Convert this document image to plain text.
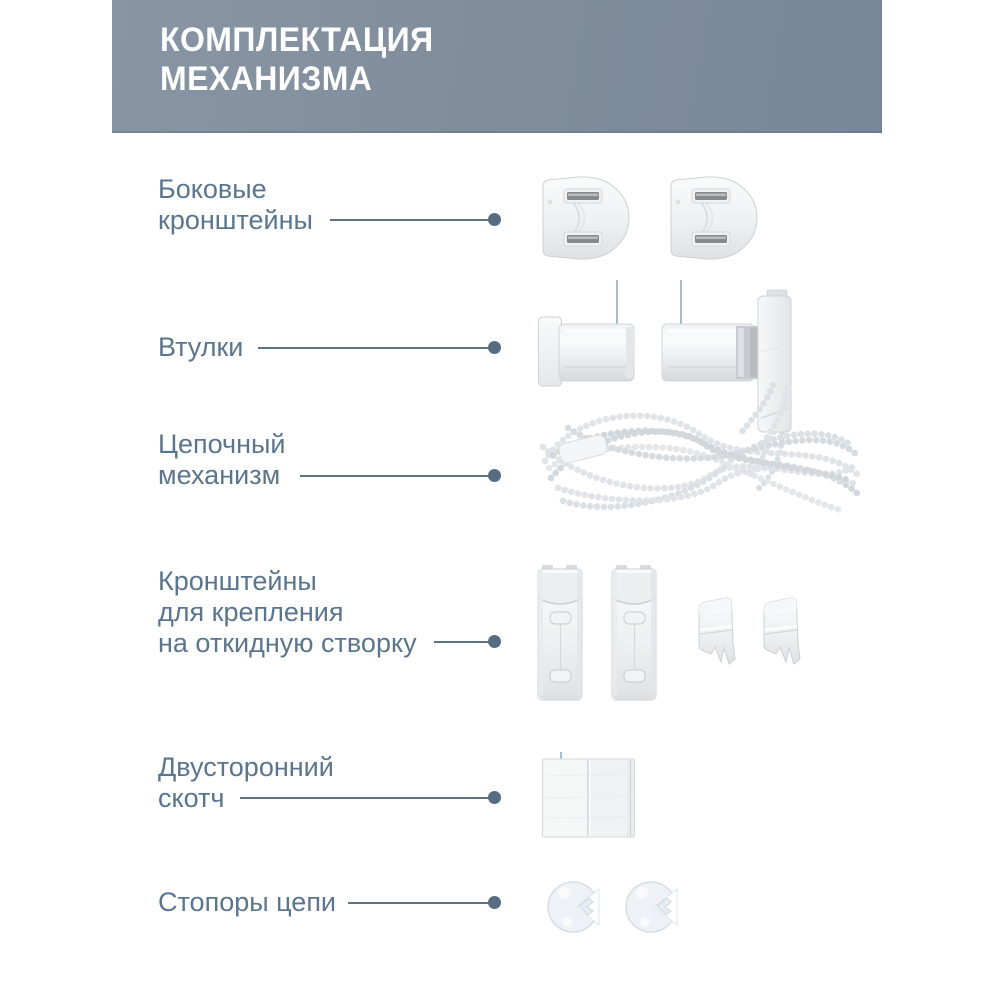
КОМПЛЕКТАЦИЯ
МЕХАНИЗМА
Боковые
кронштейны
Втулки
Цепочный
механизм
Кронштейны
для крепления
на откидную створку
Двусторонний
скотч
Стопоры цепи
